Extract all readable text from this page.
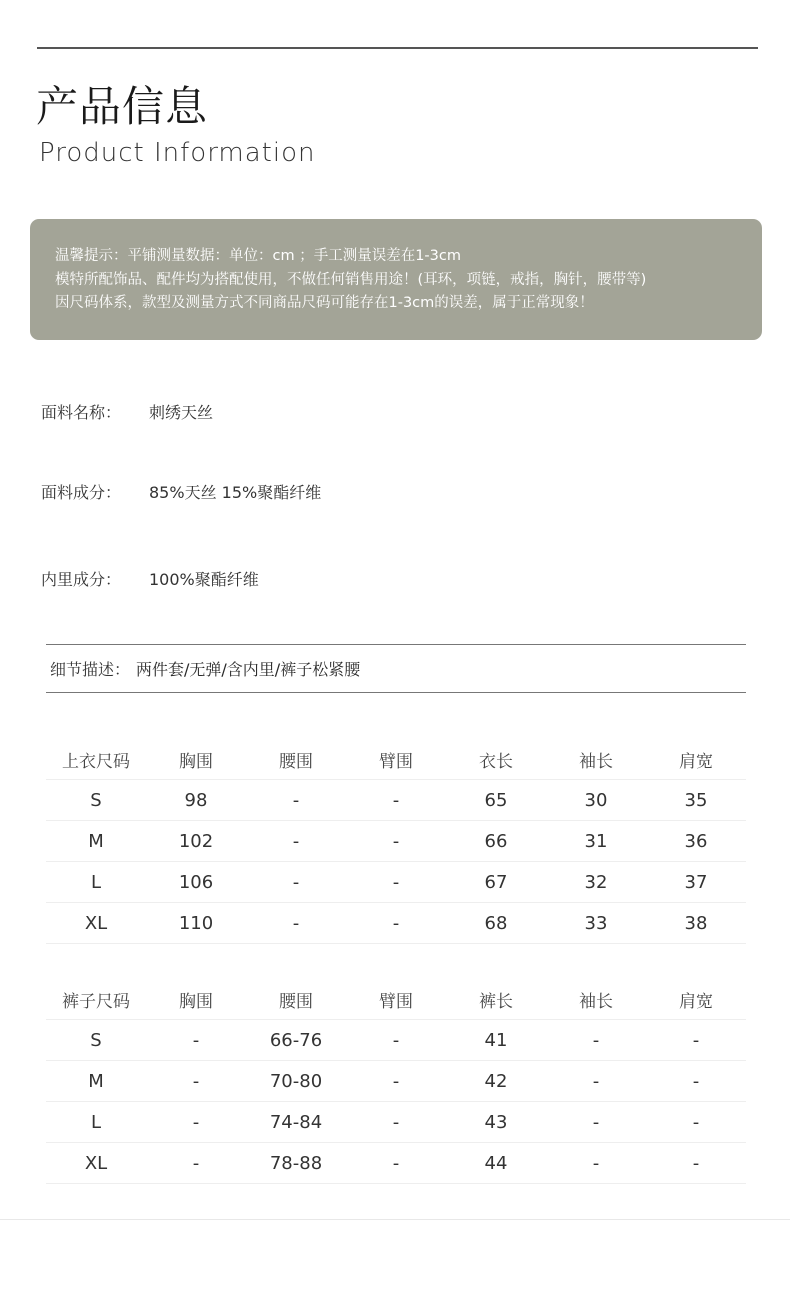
产品信息
Product Information
温馨提示：平铺测量数据：单位：cm ；手工测量误差在1-3cm
模特所配饰品、配件均为搭配使用，不做任何销售用途！(耳环，项链，戒指，胸针，腰带等)
因尺码体系，款型及测量方式不同商品尺码可能存在1-3cm的误差，属于正常现象！
面料名称： 刺绣天丝
面料成分： 85%天丝 15%聚酯纤维
内里成分： 100%聚酯纤维
细节描述： 两件套/无弹/含内里/裤子松紧腰
上衣尺码	胸围	腰围	臂围	衣长	袖长	肩宽
S	98	-	-	65	30	35
M	102	-	-	66	31	36
L	106	-	-	67	32	37
XL	110	-	-	68	33	38
裤子尺码	胸围	腰围	臂围	裤长	袖长	肩宽
S	-	66-76	-	41	-	-
M	-	70-80	-	42	-	-
L	-	74-84	-	43	-	-
XL	-	78-88	-	44	-	-
